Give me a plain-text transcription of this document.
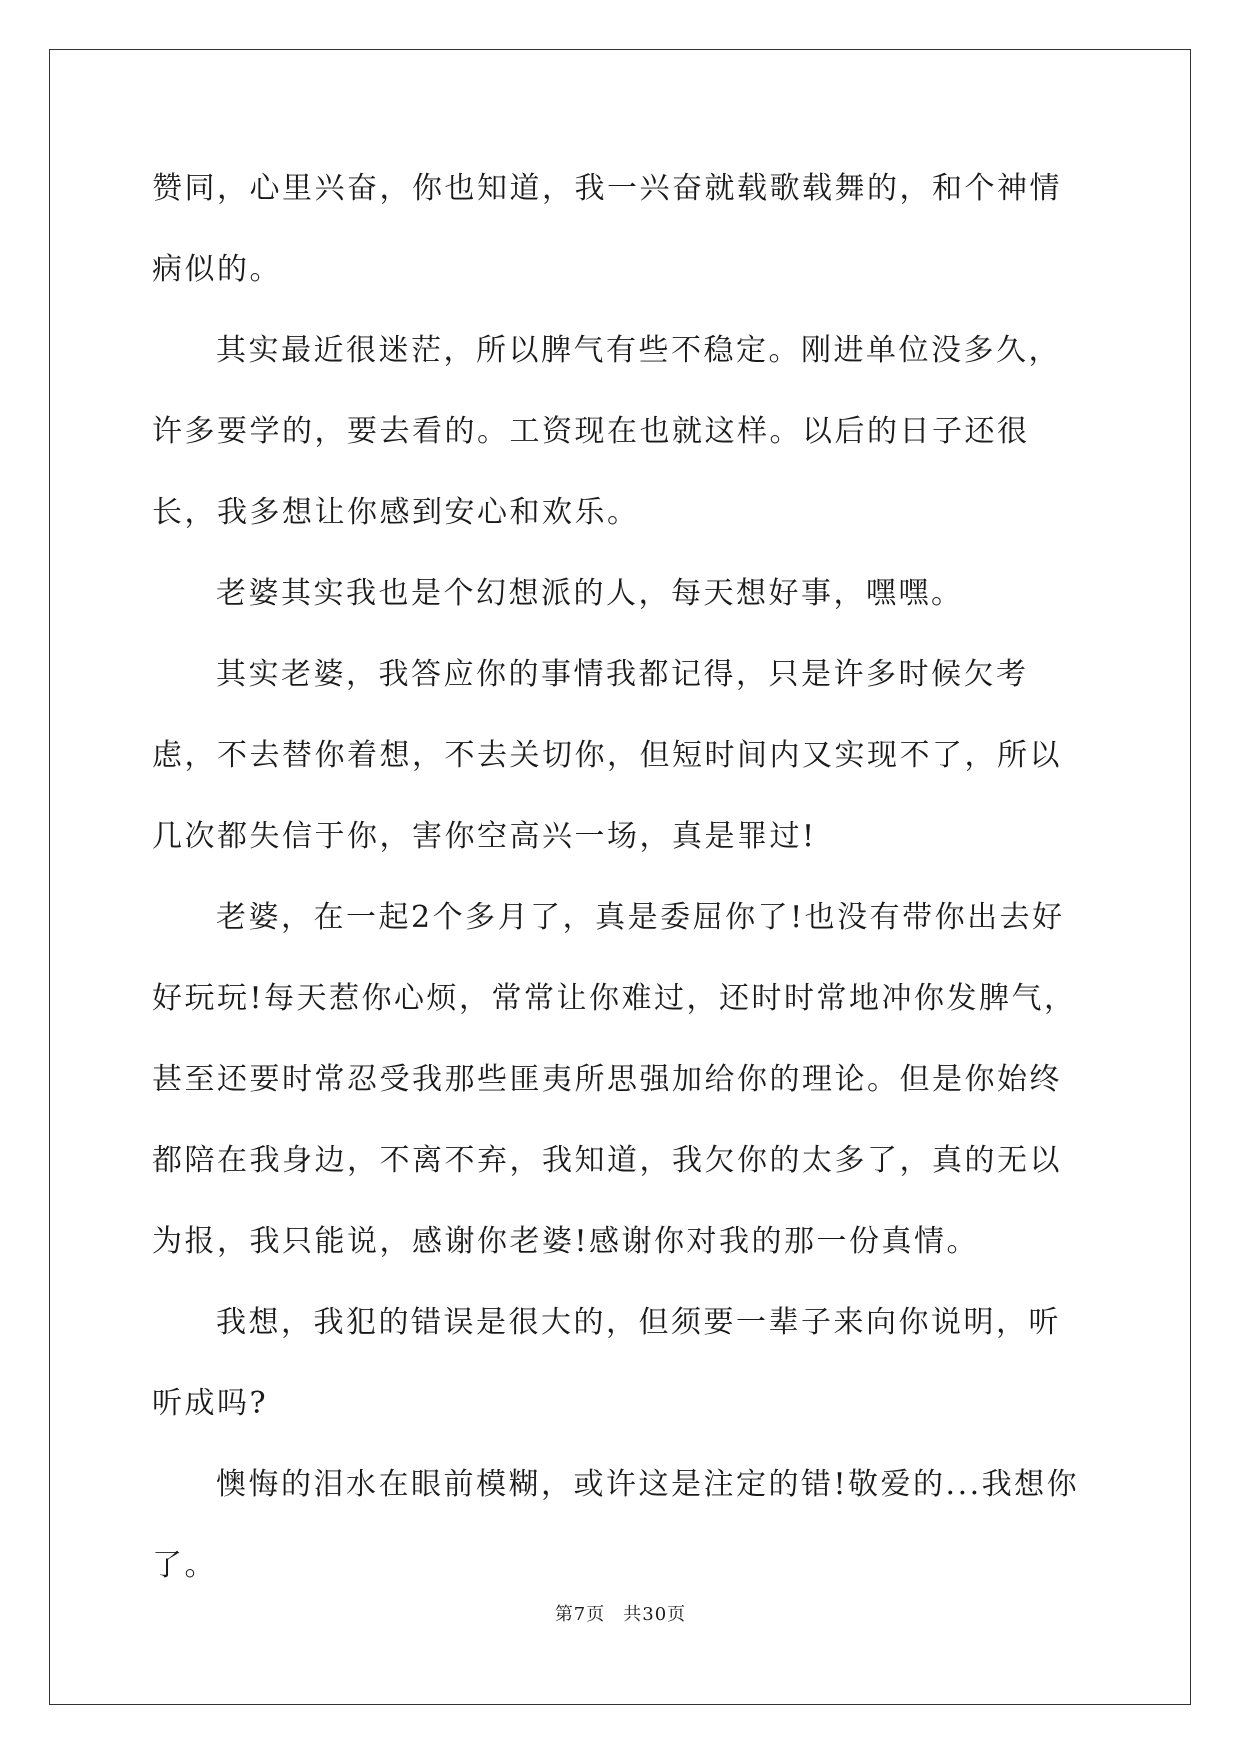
赞同，心里兴奋，你也知道，我一兴奋就载歌载舞的，和个神情病似的。

其实最近很迷茫，所以脾气有些不稳定。刚进单位没多久，许多要学的，要去看的。工资现在也就这样。以后的日子还很长，我多想让你感到安心和欢乐。

老婆其实我也是个幻想派的人，每天想好事，嘿嘿。

其实老婆，我答应你的事情我都记得，只是许多时候欠考虑，不去替你着想，不去关切你，但短时间内又实现不了，所以几次都失信于你，害你空高兴一场，真是罪过!

老婆，在一起2个多月了，真是委屈你了!也没有带你出去好好玩玩!每天惹你心烦，常常让你难过，还时时常地冲你发脾气，甚至还要时常忍受我那些匪夷所思强加给你的理论。但是你始终都陪在我身边，不离不弃，我知道，我欠你的太多了，真的无以为报，我只能说，感谢你老婆!感谢你对我的那一份真情。

我想，我犯的错误是很大的，但须要一辈子来向你说明，听听成吗?

懊悔的泪水在眼前模糊，或许这是注定的错!敬爱的...我想你了。

第7页 共30页
